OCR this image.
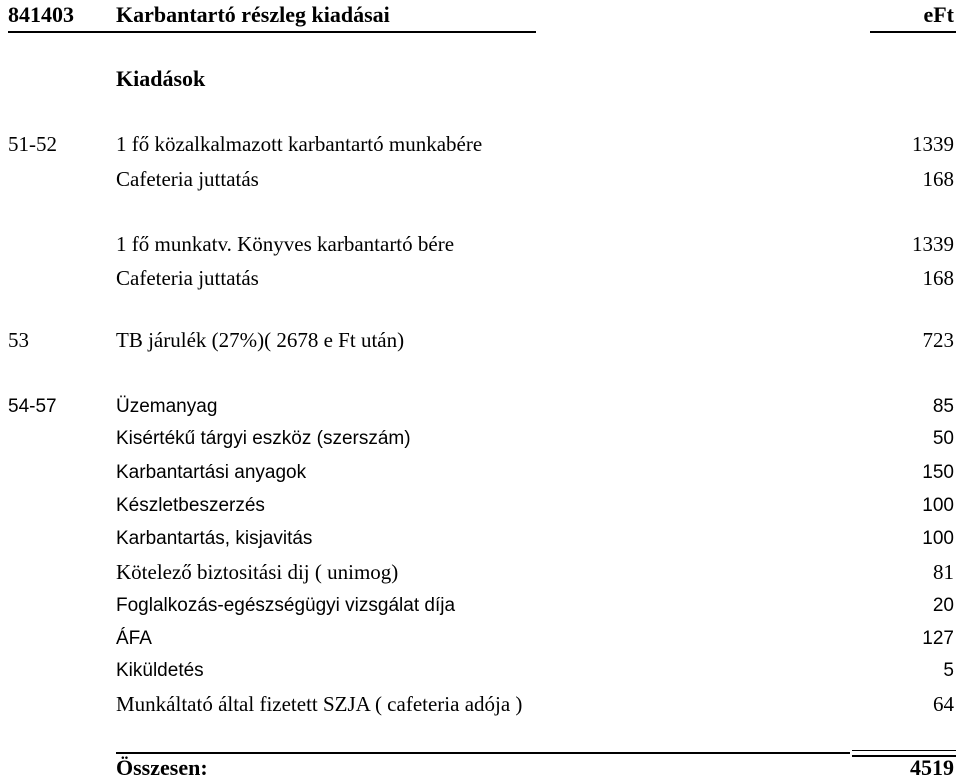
841403 Karbantartó részleg kiadásai	eFt
Kiadások
51-52	1 fő közalkalmazott karbantartó munkabére	1339
Cafeteria juttatás	168
1 fő munkatv. Könyves karbantartó bére	1339
Cafeteria juttatás	168
53	TB járulék (27%)( 2678 e Ft után)	723
54-57	Üzemanyag	85
Kisértékű tárgyi eszköz (szerszám)	50
Karbantartási anyagok	150
Készletbeszerzés	100
Karbantartás, kisjavitás	100
Kötelező biztositási dij ( unimog)	81
Foglalkozás-egészségügyi vizsgálat díja	20
ÁFA	127
Kiküldetés	5
Munkáltató által fizetett SZJA ( cafeteria adója )	64
Összesen:	4519
